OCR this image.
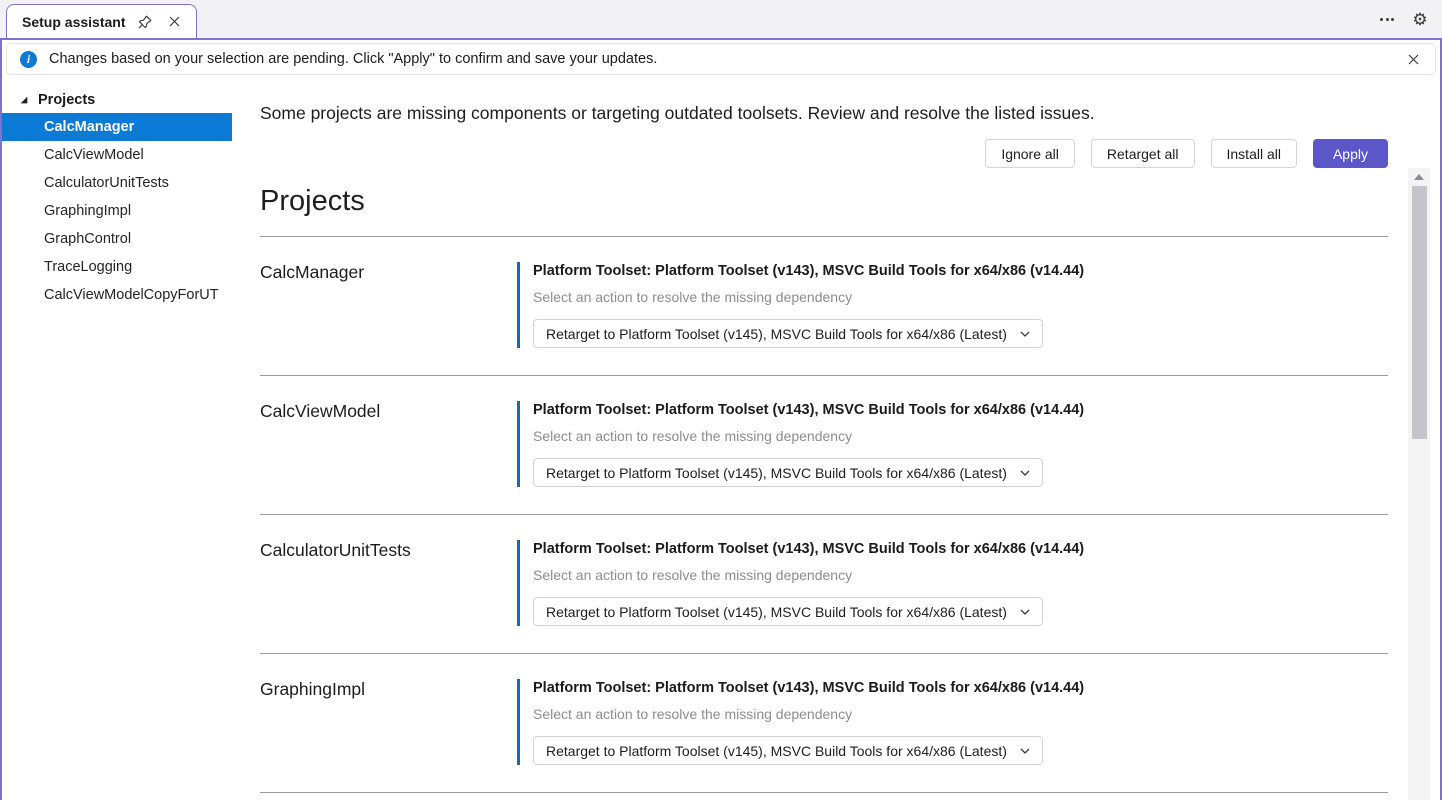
Setup assistant	⚙
i	Changes based on your selection are pending. Click "Apply" to confirm and save your updates.
Projects
CalcManager
CalcViewModel
CalculatorUnitTests
GraphingImpl
GraphControl
TraceLogging
CalcViewModelCopyForUT
Some projects are missing components or targeting outdated toolsets. Review and resolve the listed issues.
Ignore all	Retarget all	Install all	Apply
Projects
CalcManager	Platform Toolset: Platform Toolset (v143), MSVC Build Tools for x64/x86 (v14.44)
Select an action to resolve the missing dependency
Retarget to Platform Toolset (v145), MSVC Build Tools for x64/x86 (Latest)
CalcViewModel	Platform Toolset: Platform Toolset (v143), MSVC Build Tools for x64/x86 (v14.44)
Select an action to resolve the missing dependency
Retarget to Platform Toolset (v145), MSVC Build Tools for x64/x86 (Latest)
CalculatorUnitTests	Platform Toolset: Platform Toolset (v143), MSVC Build Tools for x64/x86 (v14.44)
Select an action to resolve the missing dependency
Retarget to Platform Toolset (v145), MSVC Build Tools for x64/x86 (Latest)
GraphingImpl	Platform Toolset: Platform Toolset (v143), MSVC Build Tools for x64/x86 (v14.44)
Select an action to resolve the missing dependency
Retarget to Platform Toolset (v145), MSVC Build Tools for x64/x86 (Latest)
